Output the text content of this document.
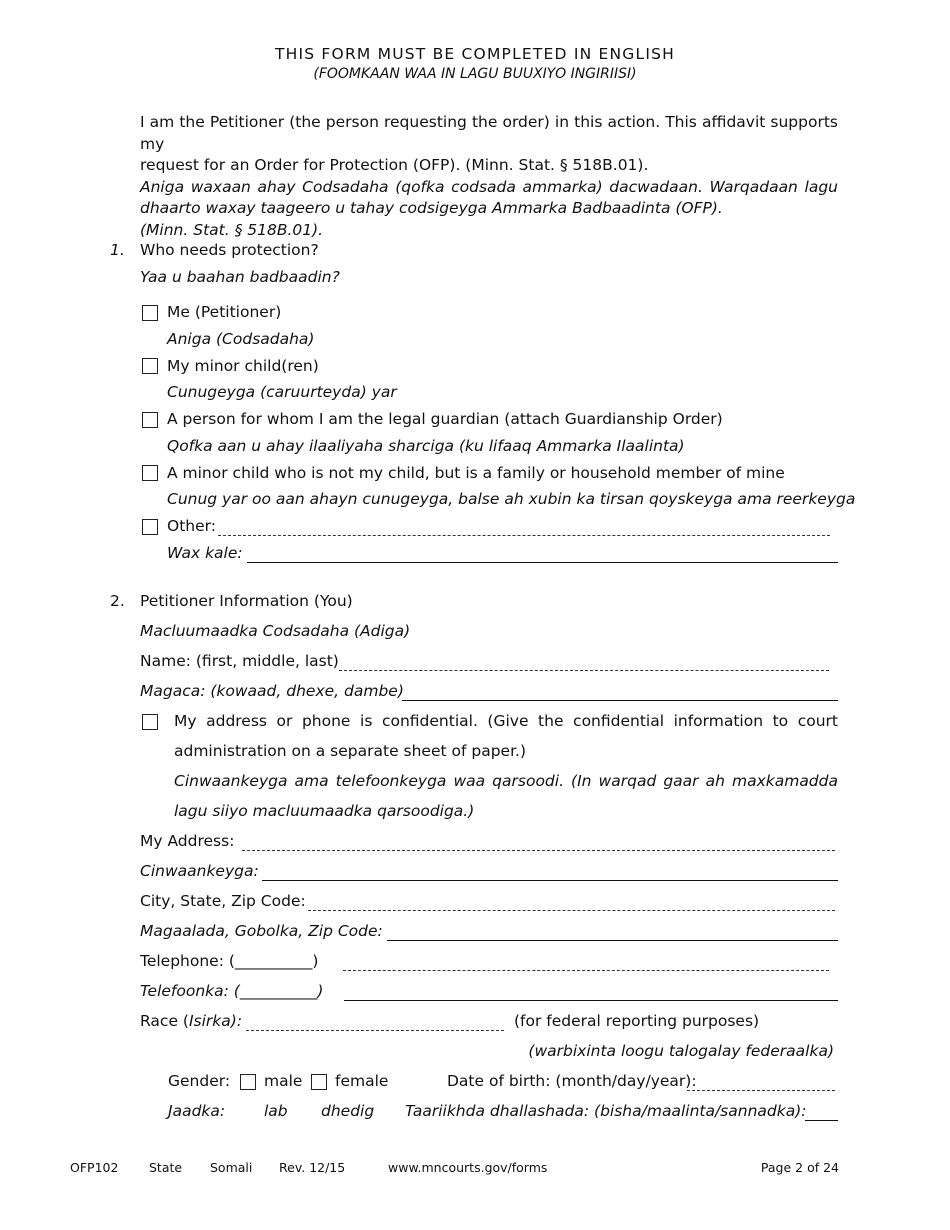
THIS FORM MUST BE COMPLETED IN ENGLISH
(FOOMKAAN WAA IN LAGU BUUXIYO INGIRIISI)
I am the Petitioner (the person requesting the order) in this action. This affidavit supports my
request for an Order for Protection (OFP). (Minn. Stat. § 518B.01).
Aniga waxaan ahay Codsadaha (qofka codsada ammarka) dacwadaan. Warqadaan lagu
dhaarto waxay taageero u tahay codsigeyga Ammarka Badbaadinta (OFP).
(Minn. Stat. § 518B.01).
1. Who needs protection?
Yaa u baahan badbaadin?
Me (Petitioner)
Aniga (Codsadaha)
My minor child(ren)
Cunugeyga (caruurteyda) yar
A person for whom I am the legal guardian (attach Guardianship Order)
Qofka aan u ahay ilaaliyaha sharciga (ku lifaaq Ammarka Ilaalinta)
A minor child who is not my child, but is a family or household member of mine
Cunug yar oo aan ahayn cunugeyga, balse ah xubin ka tirsan qoyskeyga ama reerkeyga
Other:
Wax kale:
2. Petitioner Information (You)
Macluumaadka Codsadaha (Adiga)
Name: (first, middle, last)
Magaca: (kowaad, dhexe, dambe)
My address or phone is confidential. (Give the confidential information to court administration on a separate sheet of paper.)
Cinwaankeyga ama telefoonkeyga waa qarsoodi. (In warqad gaar ah maxkamadda lagu siiyo macluumaadka qarsoodiga.)
My Address:
Cinwaankeyga:
City, State, Zip Code:
Magaalada, Gobolka, Zip Code:
Telephone: (__________)
Telefoonka: (__________)
Race (Isirka):	(for federal reporting purposes)
(warbixinta loogu talogalay federaalka)
Gender: male female	Date of birth: (month/day/year):
Jaadka:	lab dhedig Taariikhda dhallashada: (bisha/maalinta/sannadka):
OFP102 State Somali Rev. 12/15	www.mncourts.gov/forms	Page 2 of 24
